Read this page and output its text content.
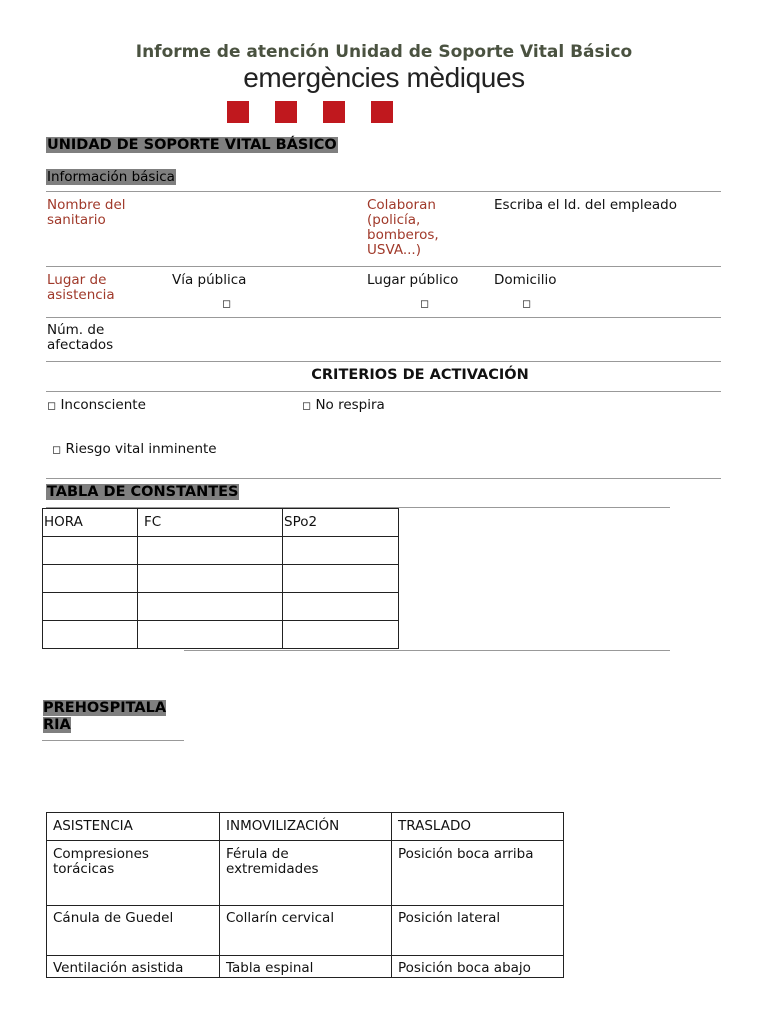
Informe de atención Unidad de Soporte Vital Básico
emergències mèdiques
UNIDAD DE SOPORTE VITAL BÁSICO
Información básica
Nombre del sanitario
Colaboran (policía, bomberos, USVA...)
Escriba el Id. del empleado
Lugar de asistencia
Vía pública	Lugar público	Domicilio
◻	◻	◻
Núm. de afectados
CRITERIOS DE ACTIVACIÓN
◻ Inconsciente	◻ No respira
◻ Riesgo vital inminente
TABLA DE CONSTANTES
HORA	FC	SPo2

PREHOSPITALA
RIA
ASISTENCIA	INMOVILIZACIÓN	TRASLADO
Compresiones torácicas	Férula de extremidades	Posición boca arriba
Cánula de Guedel	Collarín cervical	Posición lateral
Ventilación asistida	Tabla espinal	Posición boca abajo
